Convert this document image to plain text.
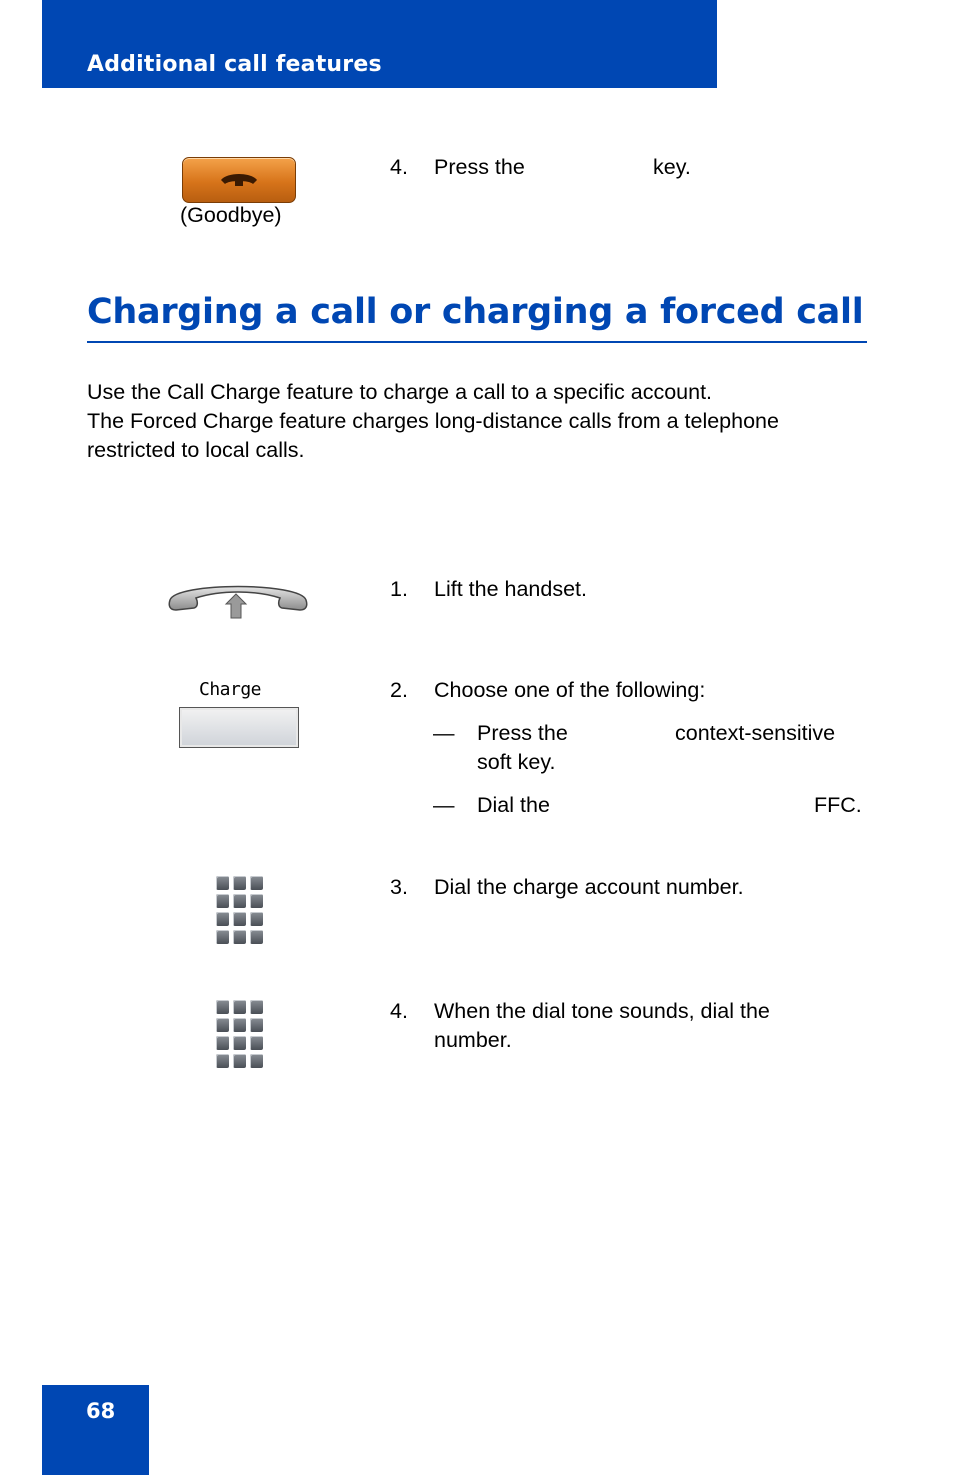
Additional call features
(Goodbye)
4. Press the	key.
Charging a call or charging a forced call

Use the Call Charge feature to charge a call to a specific account.

The Forced Charge feature charges long-distance calls from a telephone

restricted to local calls.

1. Lift the handset.
Charge	2. Choose one of the following:
— Press the	context-sensitive
soft key.
— Dial the	FFC.
3. Dial the charge account number.
4. When the dial tone sounds, dial the
number.
68
